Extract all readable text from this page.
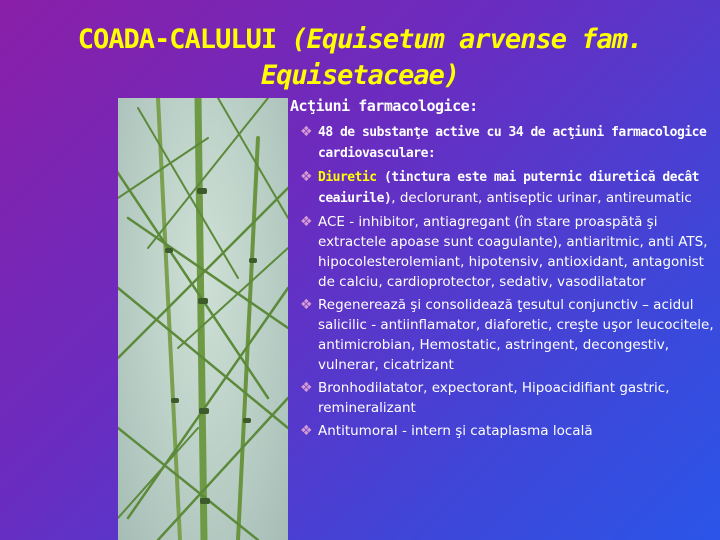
COADA-CALULUI (Equisetum arvense fam.
Equisetaceae)
Acţiuni farmacologice:
❖ 48 de substanţe active cu 34 de acţiuni farmacologice cardiovasculare:
❖ Diuretic (tinctura este mai puternic diuretică decât ceaiurile), declorurant, antiseptic urinar, antireumatic
❖ ACE - inhibitor, antiagregant (în stare proaspătă şi extractele apoase sunt coagulante), antiaritmic, anti ATS, hipocolesterolemiant, hipotensiv, antioxidant, antagonist de calciu, cardioprotector, sedativ, vasodilatator
❖ Regenerează şi consolidează ţesutul conjunctiv – acidul salicilic - antiinflamator, diaforetic, creşte uşor leucocitele, antimicrobian, Hemostatic, astringent, decongestiv, vulnerar, cicatrizant
❖ Bronhodilatator, expectorant, Hipoacidifiant gastric, remineralizant
❖ Antitumoral - intern şi cataplasma locală
